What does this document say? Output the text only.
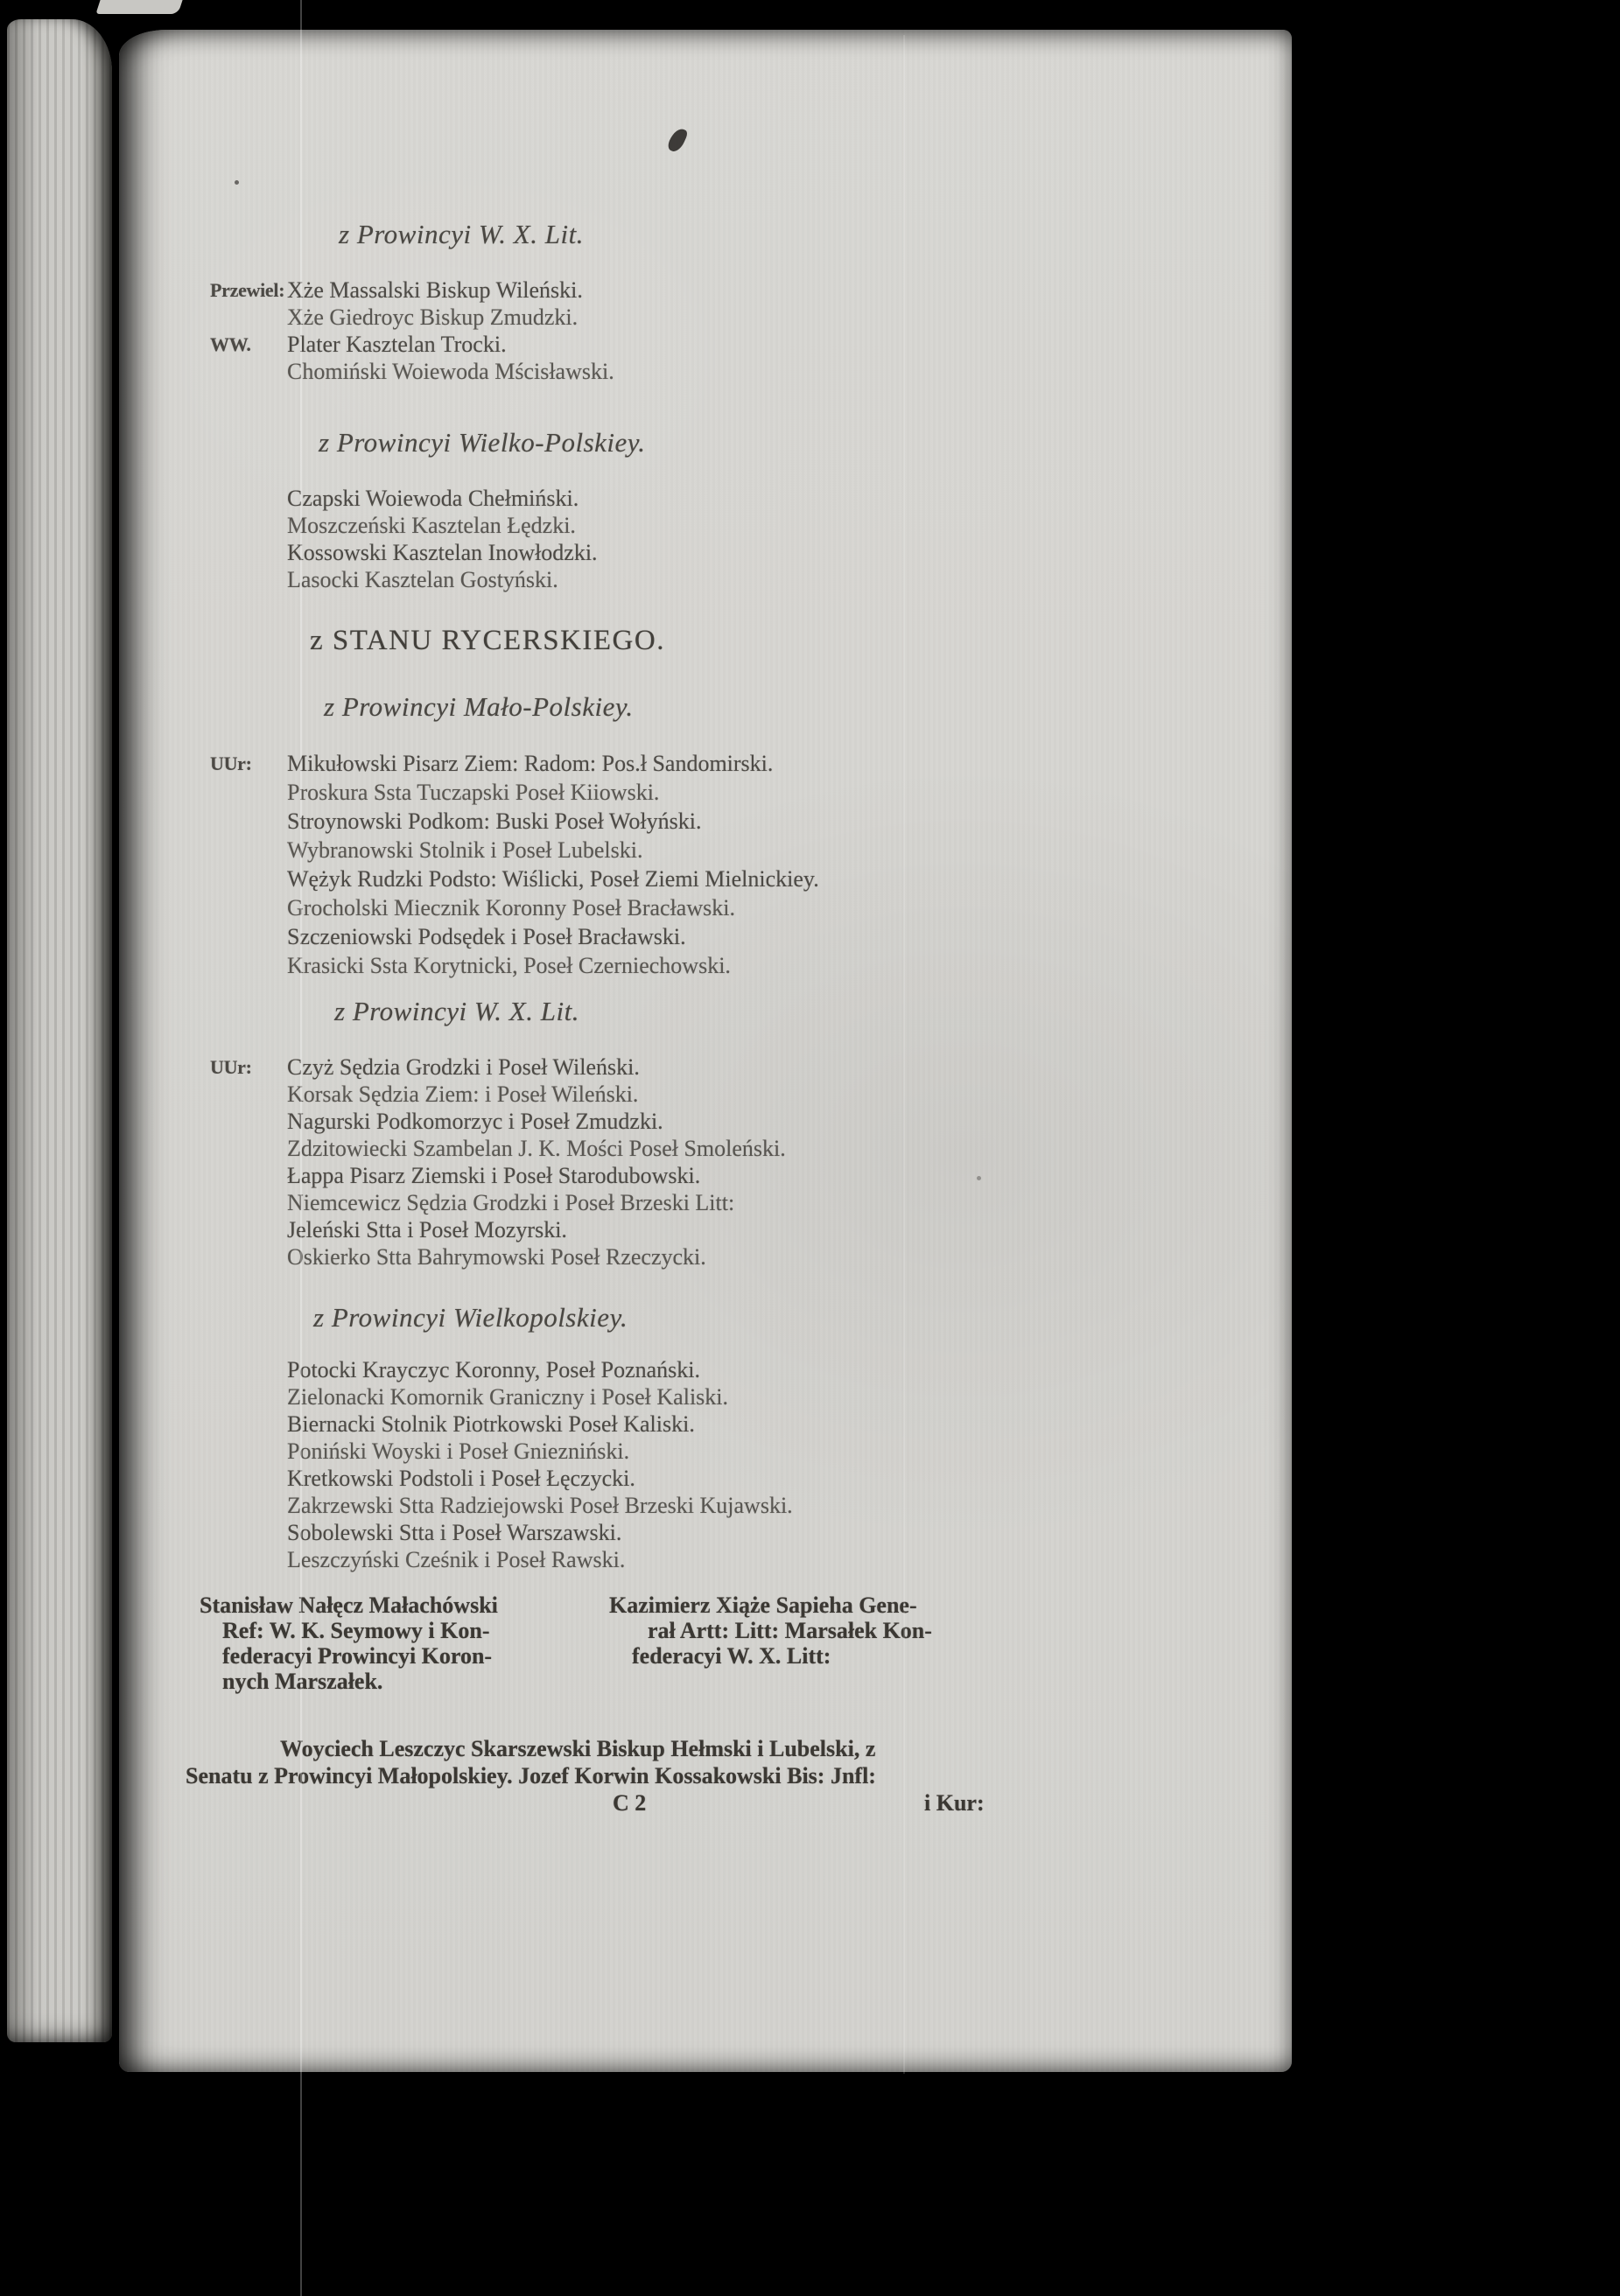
z Prowincyi W. X. Lit.
Przewiel: Xże Massalski Biskup Wileński.
Xże Giedroyc Biskup Zmudzki.
WW.	Plater Kasztelan Trocki.
Chomiński Woiewoda Mścisławski.
z Prowincyi Wielko-Polskiey.
Czapski Woiewoda Chełmiński.
Moszczeński Kasztelan Łędzki.
Kossowski Kasztelan Inowłodzki.
Lasocki Kasztelan Gostyński.
z STANU RYCERSKIEGO.
z Prowincyi Mało-Polskiey.
UUr:	Mikułowski Pisarz Ziem: Radom: Pos.ł Sandomirski.
Proskura Ssta Tuczapski Poseł Kiiowski.
Stroynowski Podkom: Buski Poseł Wołyński.
Wybranowski Stolnik i Poseł Lubelski.
Wężyk Rudzki Podsto: Wiślicki, Poseł Ziemi Mielnickiey.
Grocholski Miecznik Koronny Poseł Bracławski.
Szczeniowski Podsędek i Poseł Bracławski.
Krasicki Ssta Korytnicki, Poseł Czerniechowski.
z Prowincyi W. X. Lit.
UUr:	Czyż Sędzia Grodzki i Poseł Wileński.
Korsak Sędzia Ziem: i Poseł Wileński.
Nagurski Podkomorzyc i Poseł Zmudzki.
Zdzitowiecki Szambelan J. K. Mości Poseł Smoleński.
Łappa Pisarz Ziemski i Poseł Starodubowski.
Niemcewicz Sędzia Grodzki i Poseł Brzeski Litt:
Jeleński Stta i Poseł Mozyrski.
Oskierko Stta Bahrymowski Poseł Rzeczycki.
z Prowincyi Wielkopolskiey.
Potocki Krayczyc Koronny, Poseł Poznański.
Zielonacki Komornik Graniczny i Poseł Kaliski.
Biernacki Stolnik Piotrkowski Poseł Kaliski.
Poniński Woyski i Poseł Gniezniński.
Kretkowski Podstoli i Poseł Łęczycki.
Zakrzewski Stta Radziejowski Poseł Brzeski Kujawski.
Sobolewski Stta i Poseł Warszawski.
Leszczyński Cześnik i Poseł Rawski.
Stanisław Nałęcz Małachówski
Ref: W. K. Seymowy i Kon-
federacyi Prowincyi Koron-
nych Marszałek.
Kazimierz Xiąże Sapieha Gene-
rał Artt: Litt: Marsałek Kon-
federacyi W. X. Litt:
Woyciech Leszczyc Skarszewski Biskup Hełmski i Lubelski, z
Senatu z Prowincyi Małopolskiey. Jozef Korwin Kossakowski Bis: Jnfl:
C 2	i Kur:
